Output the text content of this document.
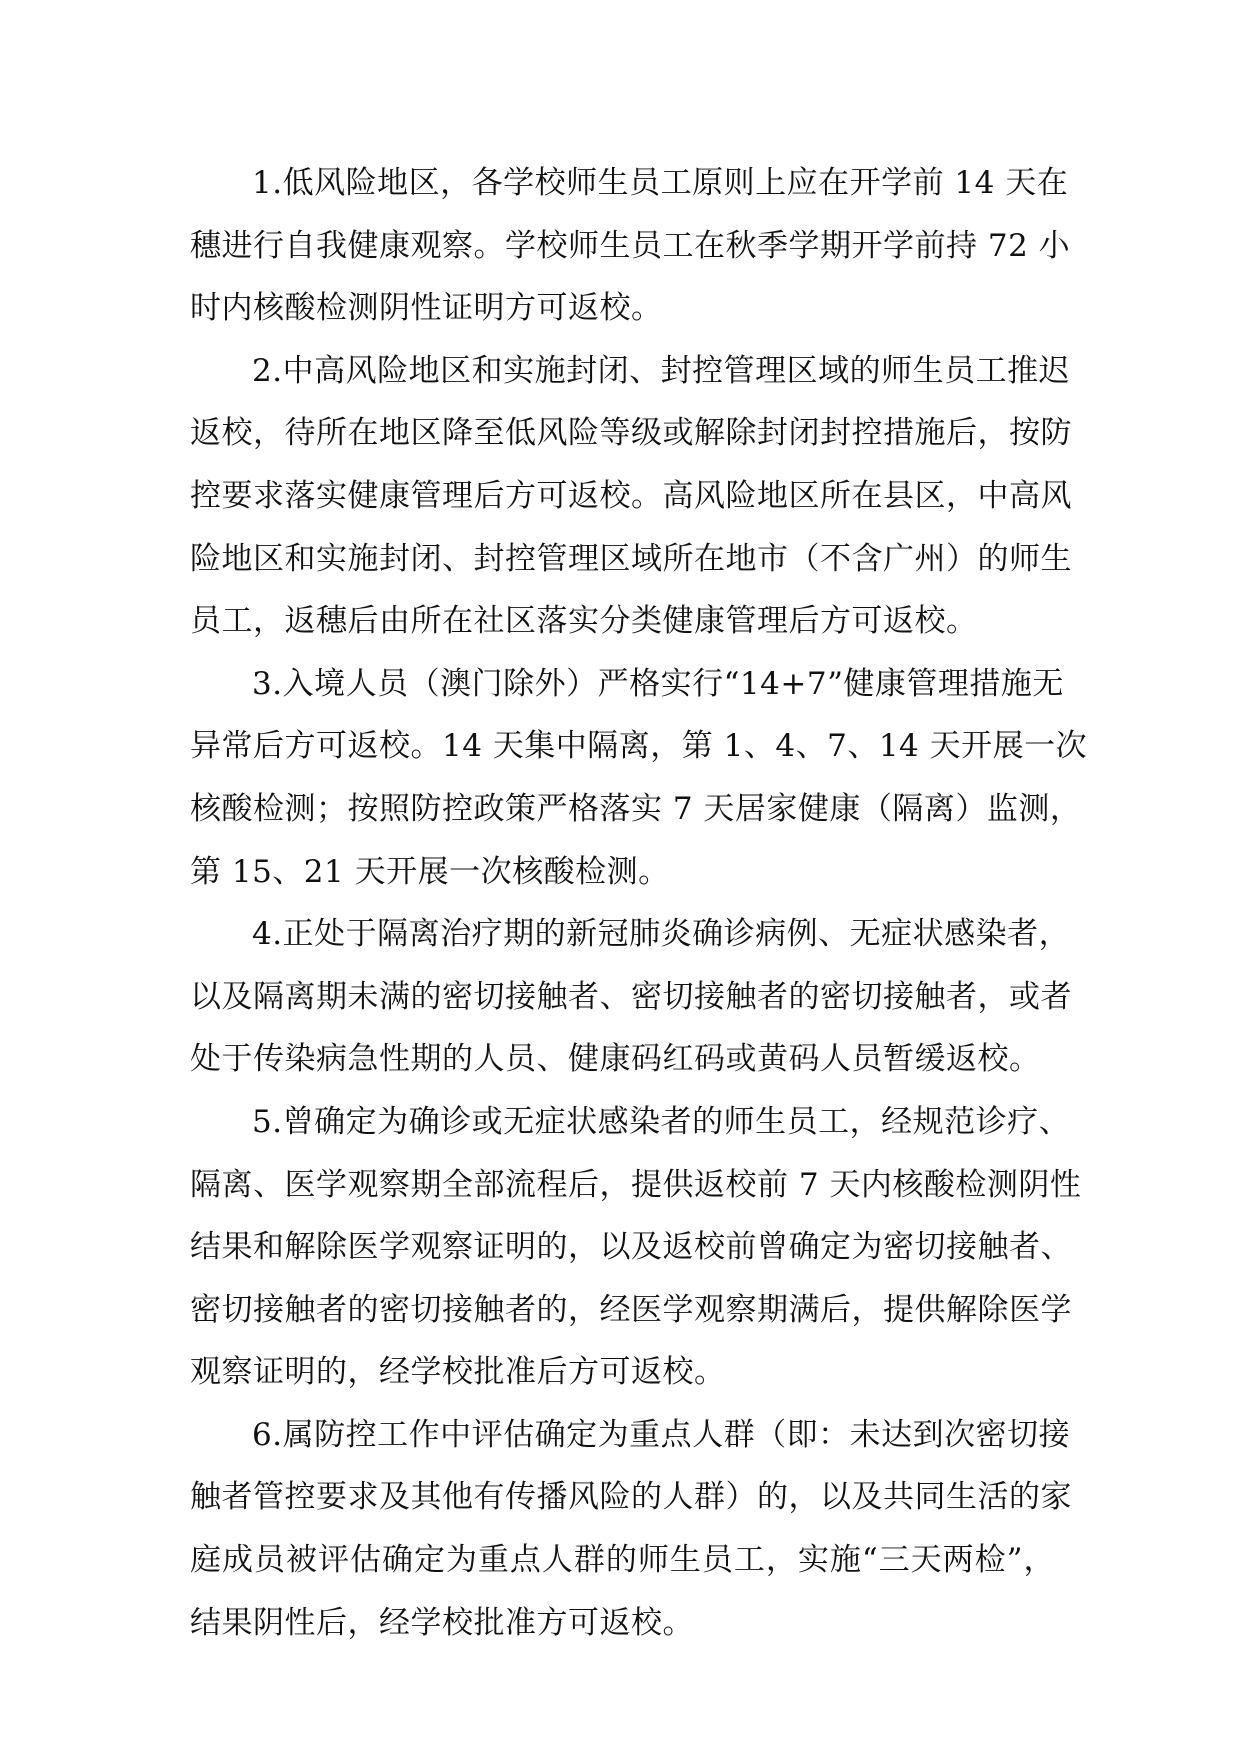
1.低风险地区，各学校师生员工原则上应在开学前 14 天在
穗进行自我健康观察。学校师生员工在秋季学期开学前持 72 小
时内核酸检测阴性证明方可返校。
2.中高风险地区和实施封闭、封控管理区域的师生员工推迟
返校，待所在地区降至低风险等级或解除封闭封控措施后，按防
控要求落实健康管理后方可返校。高风险地区所在县区，中高风
险地区和实施封闭、封控管理区域所在地市（不含广州）的师生
员工，返穗后由所在社区落实分类健康管理后方可返校。
3.入境人员（澳门除外）严格实行“14+7”健康管理措施无
异常后方可返校。14 天集中隔离，第 1、4、7、14 天开展一次
核酸检测；按照防控政策严格落实 7 天居家健康（隔离）监测，
第 15、21 天开展一次核酸检测。
4.正处于隔离治疗期的新冠肺炎确诊病例、无症状感染者，
以及隔离期未满的密切接触者、密切接触者的密切接触者，或者
处于传染病急性期的人员、健康码红码或黄码人员暂缓返校。
5.曾确定为确诊或无症状感染者的师生员工，经规范诊疗、
隔离、医学观察期全部流程后，提供返校前 7 天内核酸检测阴性
结果和解除医学观察证明的，以及返校前曾确定为密切接触者、
密切接触者的密切接触者的，经医学观察期满后，提供解除医学
观察证明的，经学校批准后方可返校。
6.属防控工作中评估确定为重点人群（即：未达到次密切接
触者管控要求及其他有传播风险的人群）的，以及共同生活的家
庭成员被评估确定为重点人群的师生员工，实施“三天两检”，
结果阴性后，经学校批准方可返校。
